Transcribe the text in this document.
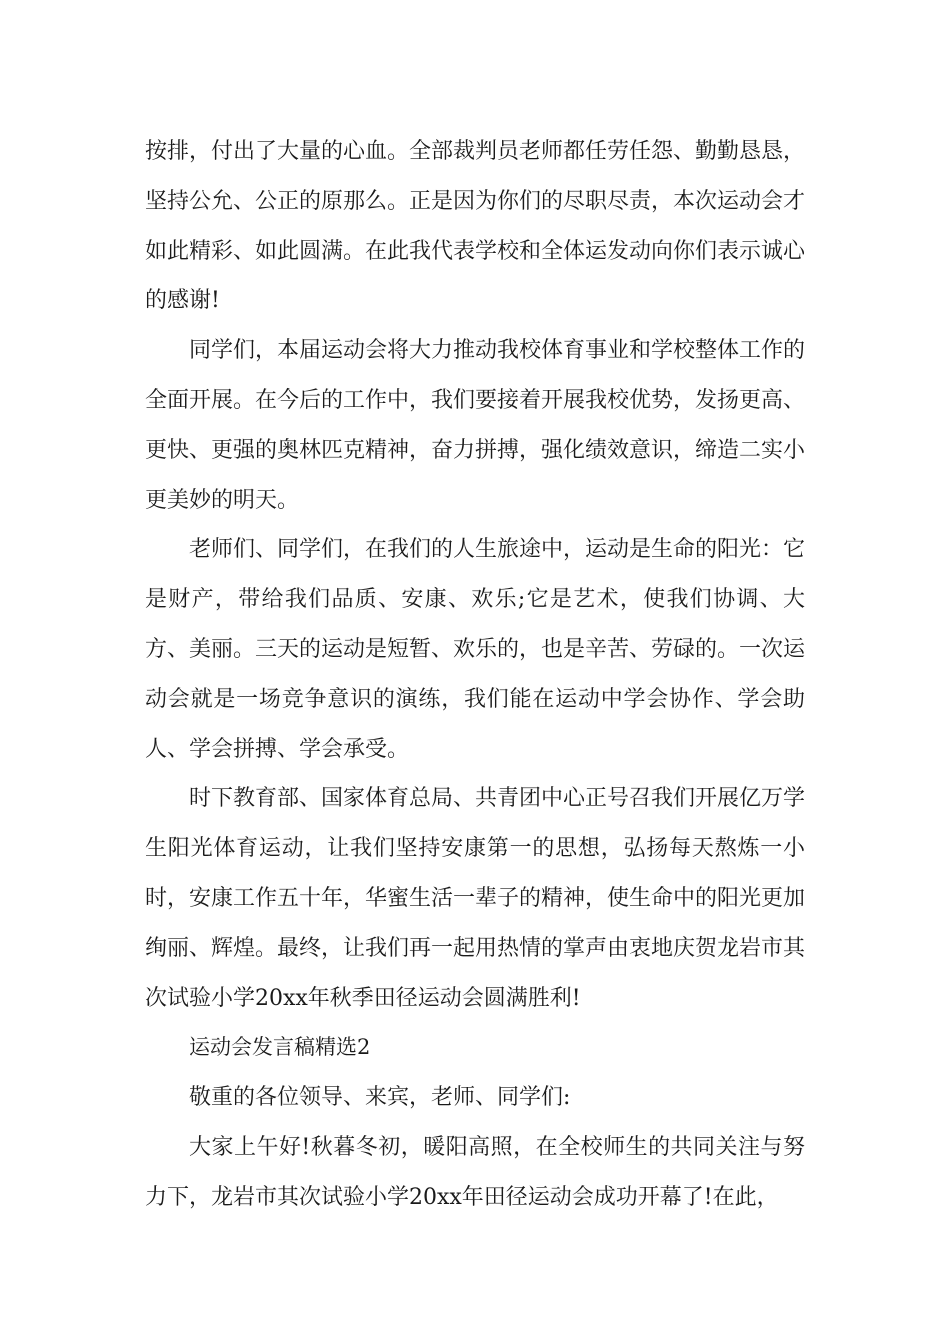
按排，付出了大量的心血。全部裁判员老师都任劳任怨、勤勤恳恳，坚持公允、公正的原那么。正是因为你们的尽职尽责，本次运动会才如此精彩、如此圆满。在此我代表学校和全体运发动向你们表示诚心的感谢!

同学们，本届运动会将大力推动我校体育事业和学校整体工作的全面开展。在今后的工作中，我们要接着开展我校优势，发扬更高、更快、更强的奥林匹克精神，奋力拼搏，强化绩效意识，缔造二实小更美妙的明天。

老师们、同学们，在我们的人生旅途中，运动是生命的阳光：它是财产，带给我们品质、安康、欢乐;它是艺术，使我们协调、大方、美丽。三天的运动是短暂、欢乐的，也是辛苦、劳碌的。一次运动会就是一场竞争意识的演练，我们能在运动中学会协作、学会助人、学会拼搏、学会承受。

时下教育部、国家体育总局、共青团中心正号召我们开展亿万学生阳光体育运动，让我们坚持安康第一的思想，弘扬每天熬炼一小时，安康工作五十年，华蜜生活一辈子的精神，使生命中的阳光更加绚丽、辉煌。最终，让我们再一起用热情的掌声由衷地庆贺龙岩市其次试验小学20xx年秋季田径运动会圆满胜利!

运动会发言稿精选2

敬重的各位领导、来宾，老师、同学们:

大家上午好!秋暮冬初，暖阳高照，在全校师生的共同关注与努力下，龙岩市其次试验小学20xx年田径运动会成功开幕了!在此，
